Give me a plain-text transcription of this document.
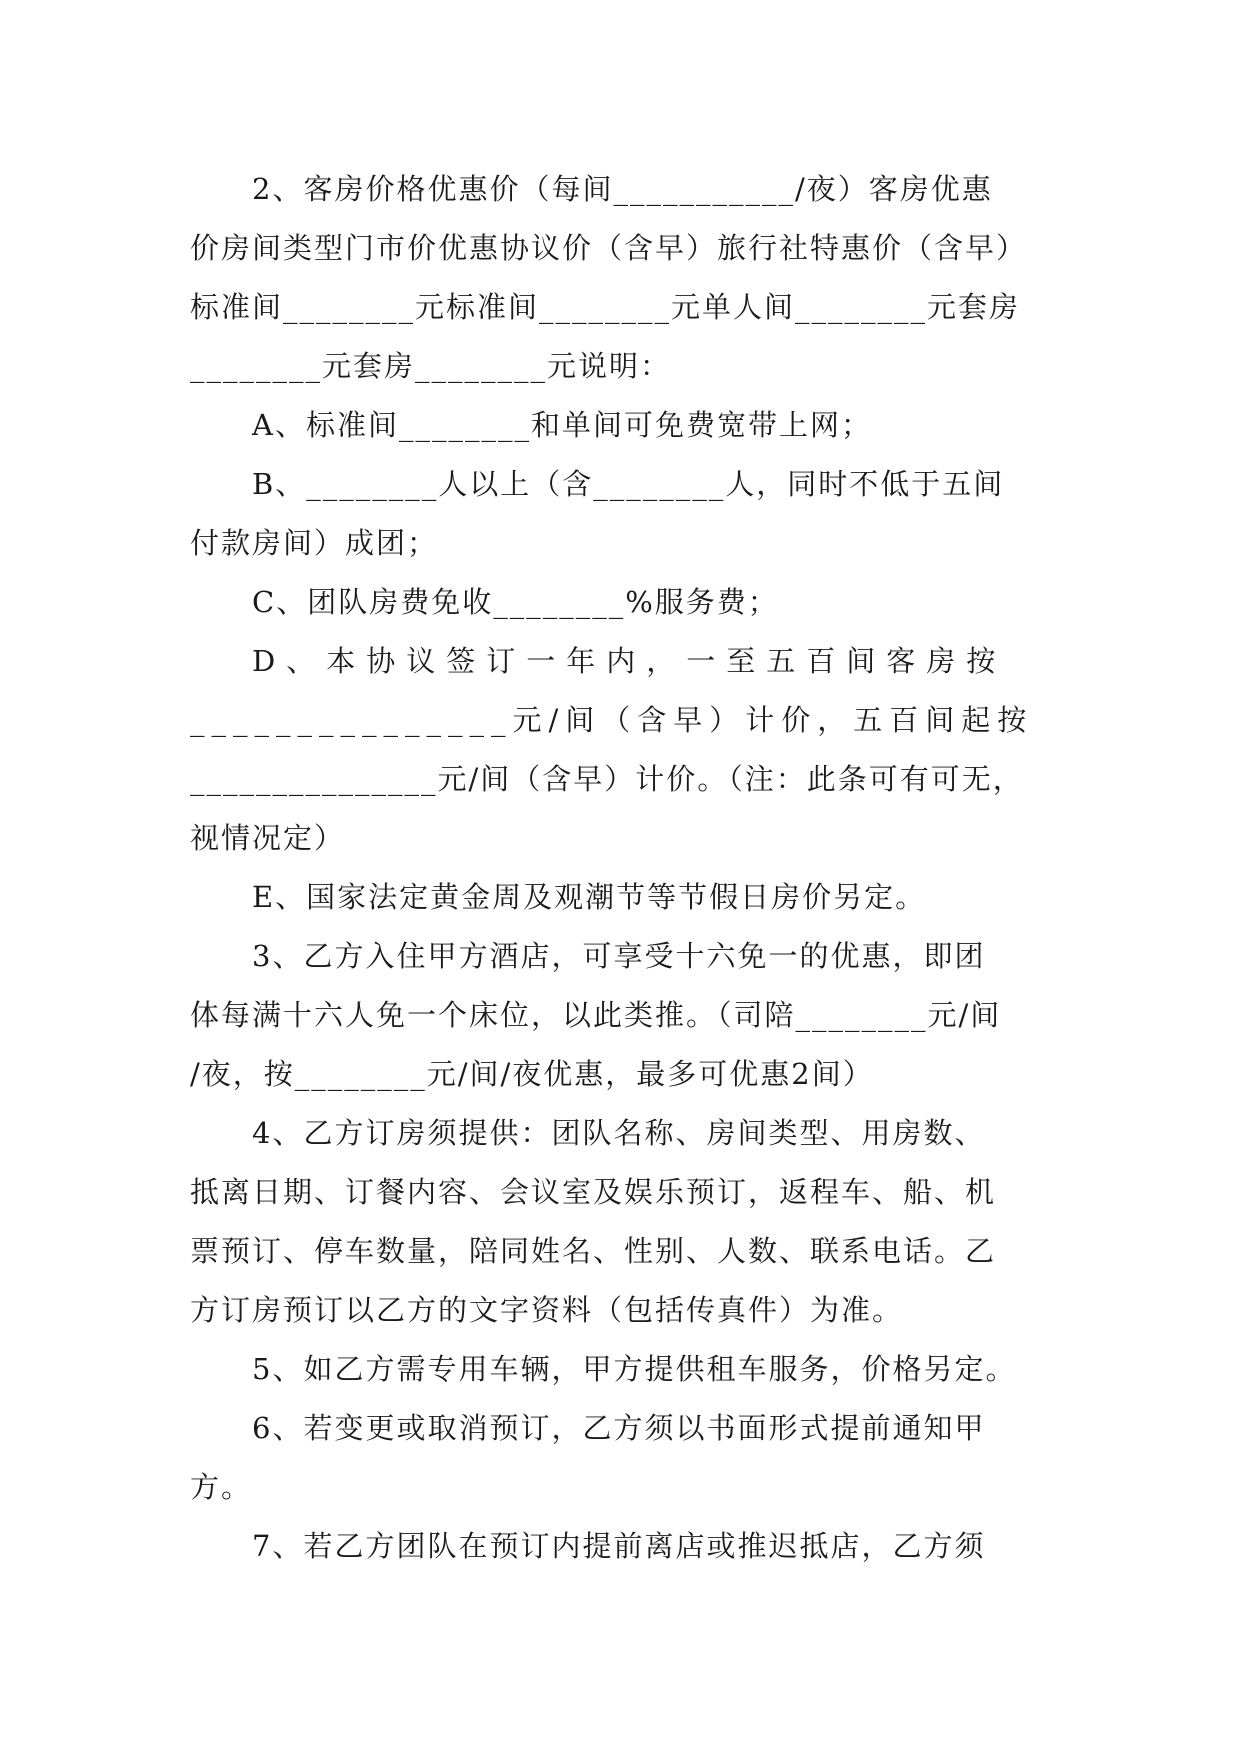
2、客房价格优惠价（每间___________/夜）客房优惠
价房间类型门市价优惠协议价（含早）旅行社特惠价（含早）
标准间________元标准间________元单人间________元套房
________元套房________元说明：
A、标准间________和单间可免费宽带上网；
B、________人以上（含________人，同时不低于五间
付款房间）成团；
C、团队房费免收________%服务费；
D、本协议签订一年内，一至五百间客房按
_______________元/间（含早）计价，五百间起按
_______________元/间（含早）计价。（注：此条可有可无，
视情况定）
E、国家法定黄金周及观潮节等节假日房价另定。
3、乙方入住甲方酒店，可享受十六免一的优惠，即团
体每满十六人免一个床位，以此类推。（司陪________元/间
/夜，按________元/间/夜优惠，最多可优惠2间）
4、乙方订房须提供：团队名称、房间类型、用房数、
抵离日期、订餐内容、会议室及娱乐预订，返程车、船、机
票预订、停车数量，陪同姓名、性别、人数、联系电话。乙
方订房预订以乙方的文字资料（包括传真件）为准。
5、如乙方需专用车辆，甲方提供租车服务，价格另定。
6、若变更或取消预订，乙方须以书面形式提前通知甲
方。
7、若乙方团队在预订内提前离店或推迟抵店，乙方须
